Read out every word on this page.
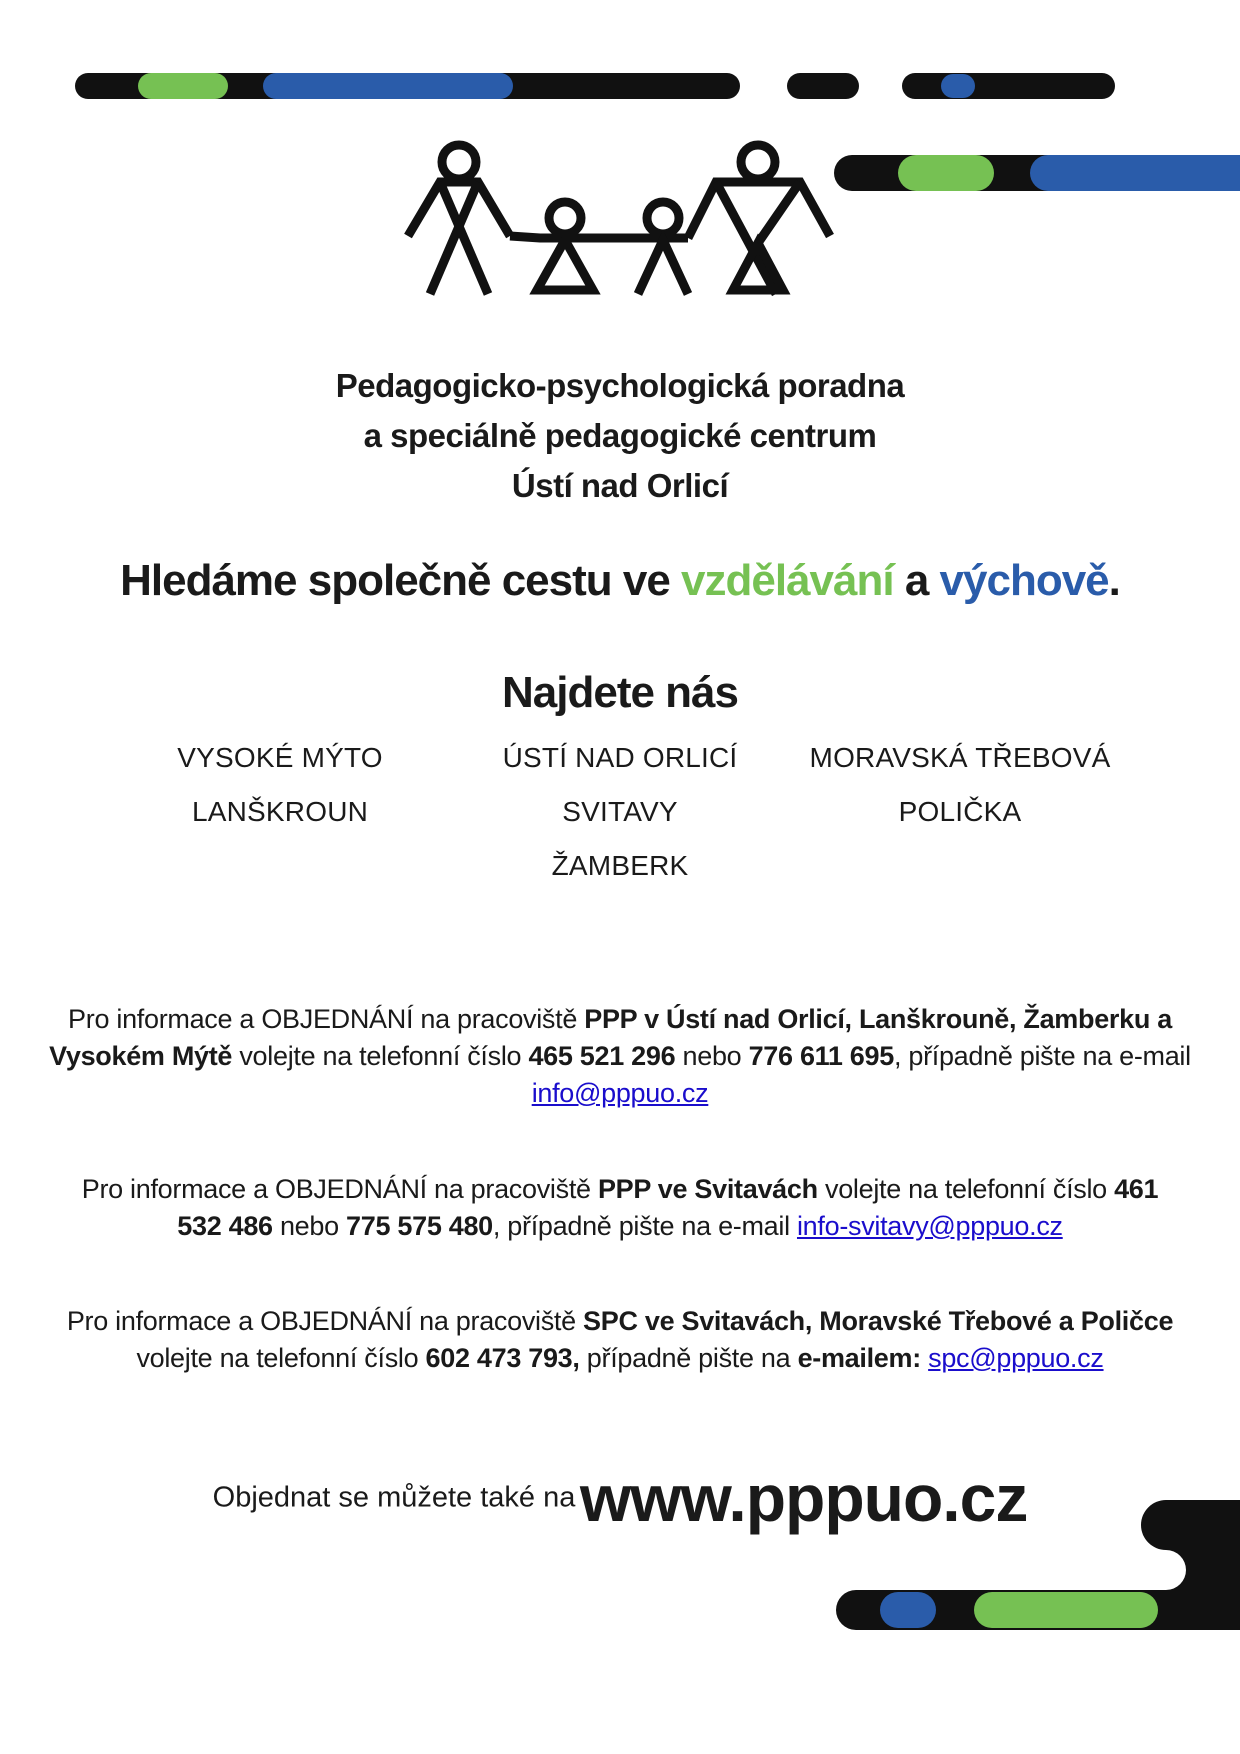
Pedagogicko-psychologická poradna
a speciálně pedagogické centrum
Ústí nad Orlicí
Hledáme společně cestu ve vzdělávání a výchově.
Najdete nás
VYSOKÉ MÝTO
LANŠKROUN
ÚSTÍ NAD ORLICÍ
SVITAVY
ŽAMBERK
MORAVSKÁ TŘEBOVÁ
POLIČKA
Pro informace a OBJEDNÁNÍ na pracoviště PPP v Ústí nad Orlicí, Lanškrouně, Žamberku a Vysokém Mýtě volejte na telefonní číslo 465 521 296 nebo 776 611 695, případně pište na e-mail info@pppuo.cz
Pro informace a OBJEDNÁNÍ na pracoviště PPP ve Svitavách volejte na telefonní číslo 461 532 486 nebo 775 575 480, případně pište na e-mail info-svitavy@pppuo.cz
Pro informace a OBJEDNÁNÍ na pracoviště SPC ve Svitavách, Moravské Třebové a Poličce volejte na telefonní číslo 602 473 793, případně pište na e-mailem: spc@pppuo.cz
Objednat se můžete také na www.pppuo.cz
